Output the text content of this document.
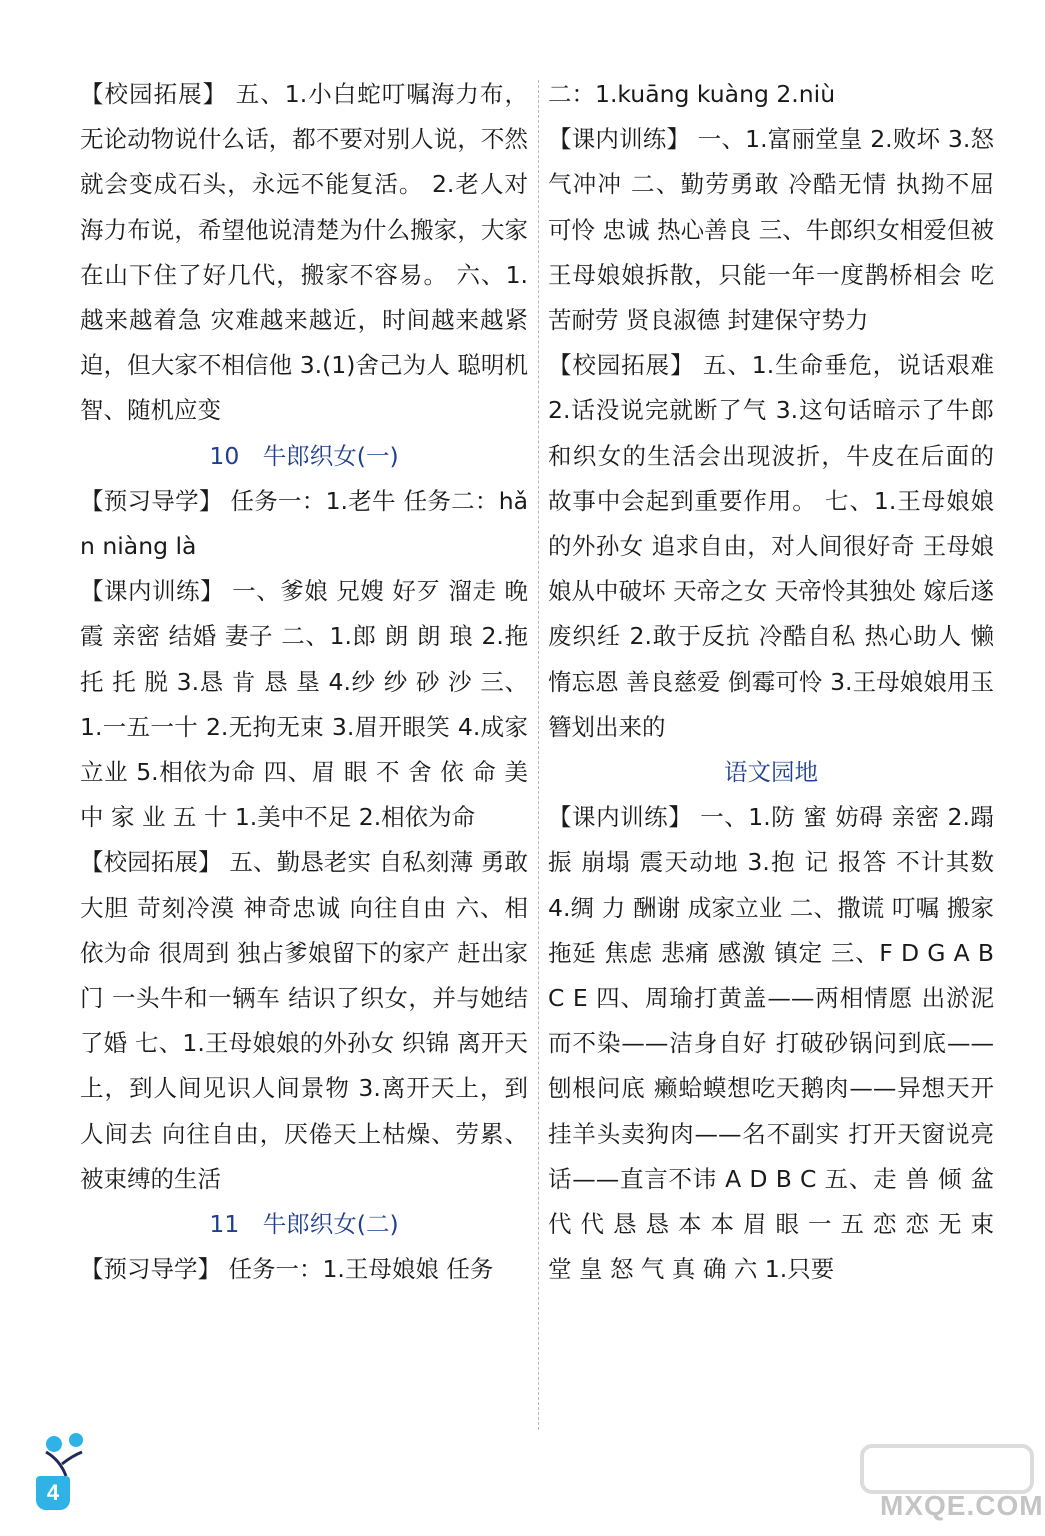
【校园拓展】 五、1.小白蛇叮嘱海力布，无论动物说什么话，都不要对别人说，不然就会变成石头，永远不能复活。 2.老人对海力布说，希望他说清楚为什么搬家，大家在山下住了好几代，搬家不容易。 六、1.越来越着急 灾难越来越近，时间越来越紧迫，但大家不相信他 3.(1)舍己为人 聪明机智、随机应变

10　牛郎织女(一)

【预习导学】 任务一：1.老牛 任务二：hǎn niàng là

【课内训练】 一、爹娘 兄嫂 好歹 溜走 晚霞 亲密 结婚 妻子 二、1.郎 朗 朗 琅 2.拖 托 托 脱 3.恳 肯 恳 垦 4.纱 纱 砂 沙 三、1.一五一十 2.无拘无束 3.眉开眼笑 4.成家立业 5.相依为命 四、眉 眼 不 舍 依 命 美 中 家 业 五 十 1.美中不足 2.相依为命

【校园拓展】 五、勤恳老实 自私刻薄 勇敢大胆 苛刻冷漠 神奇忠诚 向往自由 六、相依为命 很周到 独占爹娘留下的家产 赶出家门 一头牛和一辆车 结识了织女，并与她结了婚 七、1.王母娘娘的外孙女 织锦 离开天上，到人间见识人间景物 3.离开天上，到人间去 向往自由，厌倦天上枯燥、劳累、被束缚的生活

11　牛郎织女(二)

【预习导学】 任务一：1.王母娘娘 任务

二：1.kuāng kuàng 2.niù

【课内训练】 一、1.富丽堂皇 2.败坏 3.怒气冲冲 二、勤劳勇敢 冷酷无情 执拗不屈 可怜 忠诚 热心善良 三、牛郎织女相爱但被王母娘娘拆散，只能一年一度鹊桥相会 吃苦耐劳 贤良淑德 封建保守势力

【校园拓展】 五、1.生命垂危，说话艰难 2.话没说完就断了气 3.这句话暗示了牛郎和织女的生活会出现波折，牛皮在后面的故事中会起到重要作用。 七、1.王母娘娘的外孙女 追求自由，对人间很好奇 王母娘娘从中破坏 天帝之女 天帝怜其独处 嫁后遂废织纴 2.敢于反抗 冷酷自私 热心助人 懒惰忘恩 善良慈爱 倒霉可怜 3.王母娘娘用玉簪划出来的

语文园地

【课内训练】 一、1.防 蜜 妨碍 亲密 2.蹋 振 崩塌 震天动地 3.抱 记 报答 不计其数 4.绸 力 酬谢 成家立业 二、撒谎 叮嘱 搬家 拖延 焦虑 悲痛 感激 镇定 三、F D G A B C E 四、周瑜打黄盖——两相情愿 出淤泥而不染——洁身自好 打破砂锅问到底——刨根问底 癞蛤蟆想吃天鹅肉——异想天开 挂羊头卖狗肉——名不副实 打开天窗说亮话——直言不讳 A D B C 五、走 兽 倾 盆 代 代 恳 恳 本 本 眉 眼 一 五 恋 恋 无 束 堂 皇 怒 气 真 确 六 1.只要

4	MXQE.COM
